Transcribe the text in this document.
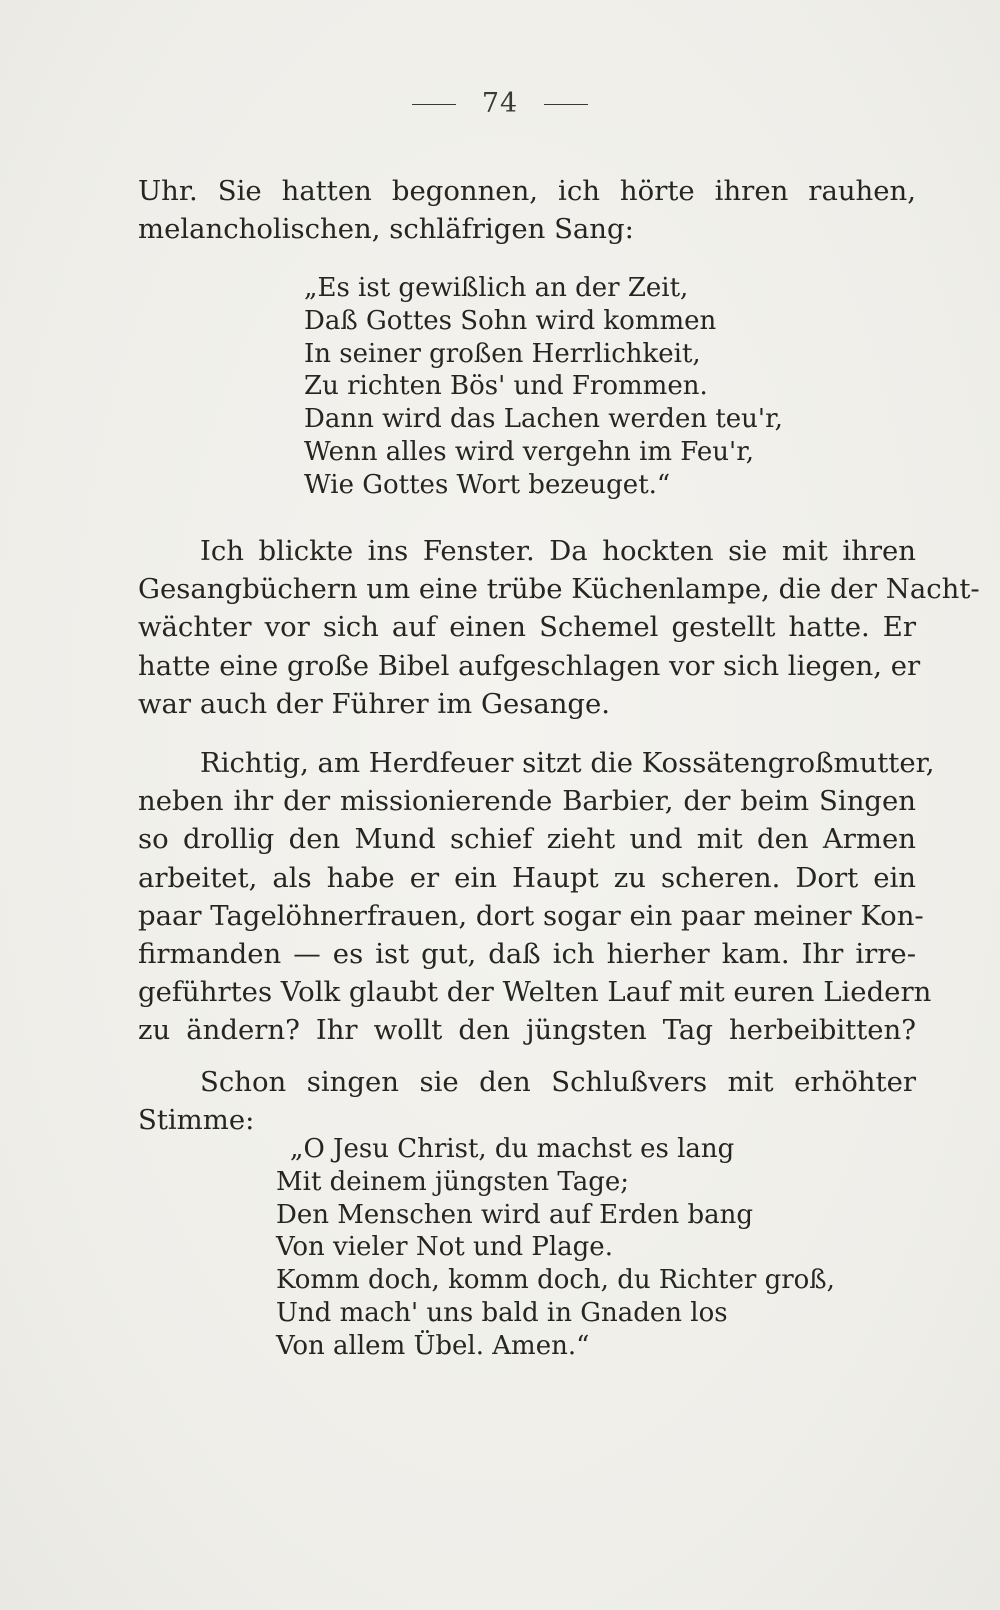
74
Uhr. Sie hatten begonnen, ich hörte ihren rauhen,
melancholischen, schläfrigen Sang:
„Es ist gewißlich an der Zeit,
Daß Gottes Sohn wird kommen
In seiner großen Herrlichkeit,
Zu richten Bös' und Frommen.
Dann wird das Lachen werden teu'r,
Wenn alles wird vergehn im Feu'r,
Wie Gottes Wort bezeuget.“
Ich blickte ins Fenster. Da hockten sie mit ihren
Gesangbüchern um eine trübe Küchenlampe, die der Nacht-
wächter vor sich auf einen Schemel gestellt hatte. Er
hatte eine große Bibel aufgeschlagen vor sich liegen, er
war auch der Führer im Gesange.
Richtig, am Herdfeuer sitzt die Kossätengroßmutter,
neben ihr der missionierende Barbier, der beim Singen
so drollig den Mund schief zieht und mit den Armen
arbeitet, als habe er ein Haupt zu scheren. Dort ein
paar Tagelöhnerfrauen, dort sogar ein paar meiner Kon-
firmanden — es ist gut, daß ich hierher kam. Ihr irre-
geführtes Volk glaubt der Welten Lauf mit euren Liedern
zu ändern? Ihr wollt den jüngsten Tag herbeibitten?
Schon singen sie den Schlußvers mit erhöhter
Stimme:
„O Jesu Christ, du machst es lang
Mit deinem jüngsten Tage;
Den Menschen wird auf Erden bang
Von vieler Not und Plage.
Komm doch, komm doch, du Richter groß,
Und mach' uns bald in Gnaden los
Von allem Übel. Amen.“
